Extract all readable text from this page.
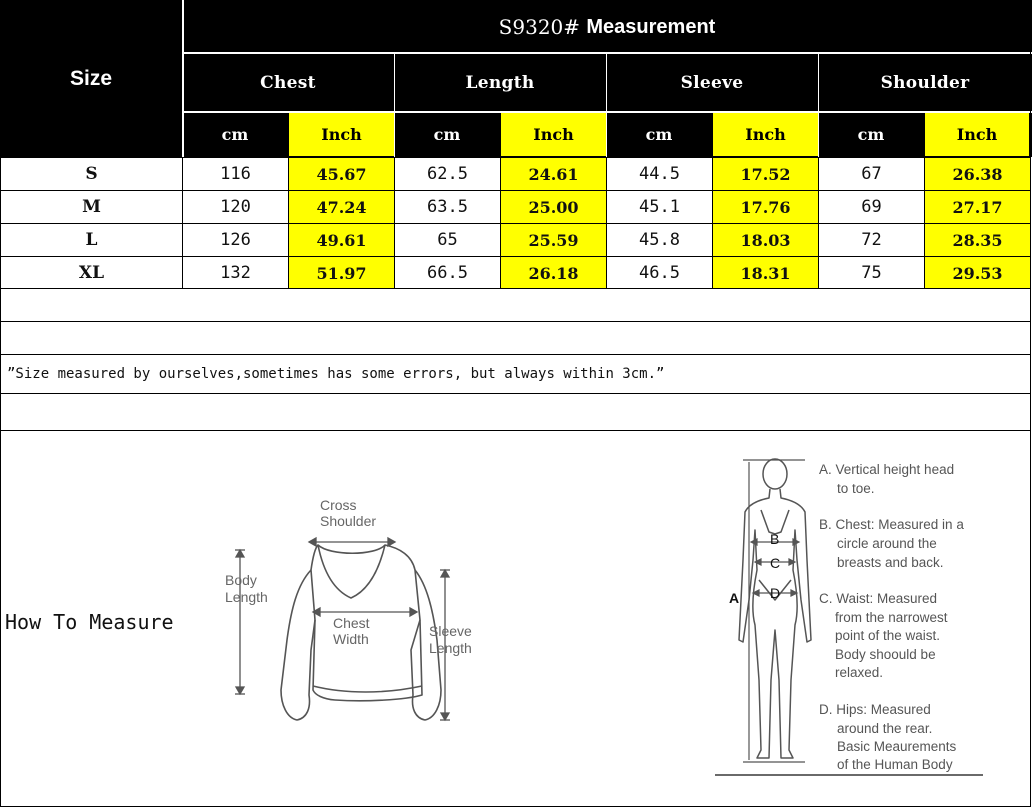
Size
S9320#
Measurement
Chest	Length	Sleeve	Shoulder
cm	Inch	cm	Inch	cm	Inch	cm	Inch
S	116	45.67	62.5	24.61	44.5	17.52	67	26.38
M	120	47.24	63.5	25.00	45.1	17.76	69	27.17
L	126	49.61	65	25.59	45.8	18.03	72	28.35
XL	132	51.97	66.5	26.18	46.5	18.31	75	29.53
”Size measured by ourselves,sometimes has some errors, but always within 3cm.”
How To Measure
Cross
Shoulder
Body
Length
Chest
Width	Sleeve
Length
A
B
C
D
A. Vertical height head
to toe.
B. Chest: Measured in a
circle around the
breasts and back.
C. Waist: Measured
from the narrowest
point of the waist.
Body shoould be
relaxed.
D. Hips: Measured
around the rear.
Basic Meaurements
of the Human Body
